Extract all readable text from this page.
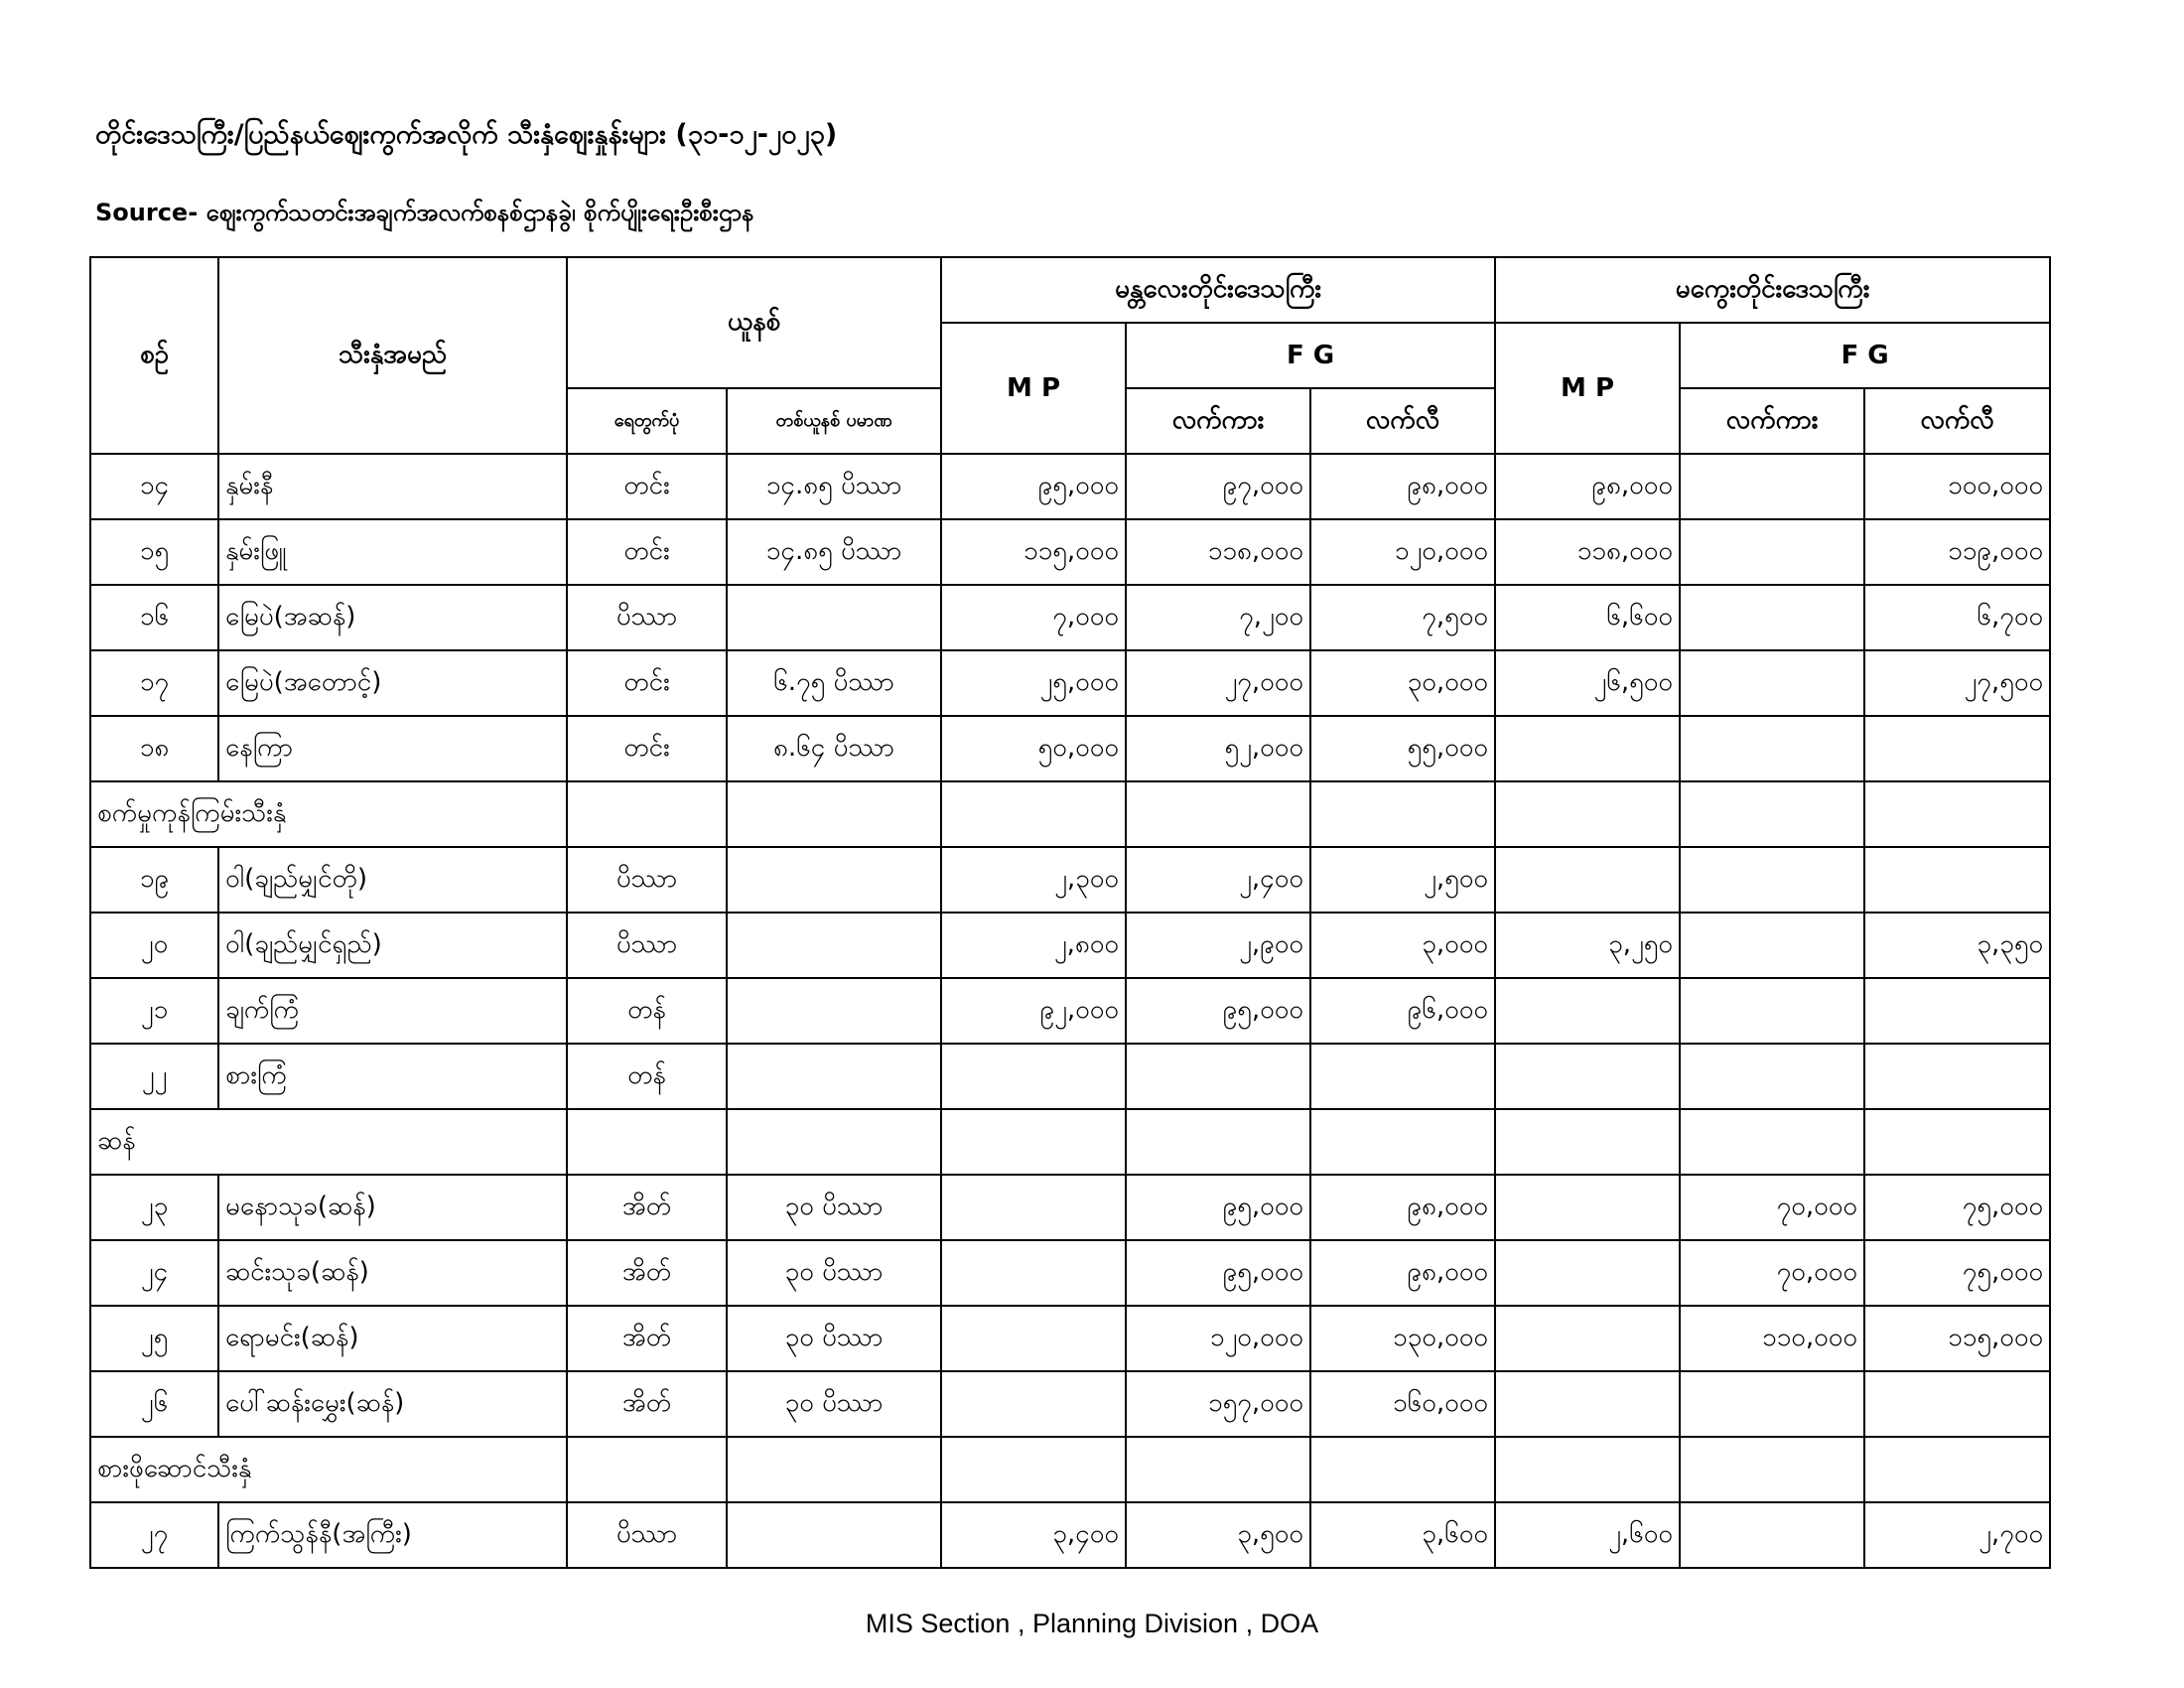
တိုင်းဒေသကြီး/ပြည်နယ်ဈေးကွက်အလိုက် သီးနှံဈေးနှုန်းများ (၃၁-၁၂-၂၀၂၃)
Source- ဈေးကွက်သတင်းအချက်အလက်စနစ်ဌာနခွဲ၊ စိုက်ပျိုးရေးဦးစီးဌာန
စဉ်	သီးနှံအမည်	ယူနစ်		မန္တလေးတိုင်းဒေသကြီး			မကွေးတိုင်းဒေသကြီး		
				M P	F G		M P	F G	
		ရေတွက်ပုံ	တစ်ယူနစ် ပမာဏ		လက်ကား	လက်လီ		လက်ကား	လက်လီ
၁၄	နှမ်းနီ	တင်း	၁၄.၈၅ ပိဿာ	၉၅,၀၀၀	၉၇,၀၀၀	၉၈,၀၀၀	၉၈,၀၀၀		၁၀၀,၀၀၀
၁၅	နှမ်းဖြူ	တင်း	၁၄.၈၅ ပိဿာ	၁၁၅,၀၀၀	၁၁၈,၀၀၀	၁၂၀,၀၀၀	၁၁၈,၀၀၀		၁၁၉,၀၀၀
၁၆	မြေပဲ(အဆန်)	ပိဿာ		၇,၀၀၀	၇,၂၀၀	၇,၅၀၀	၆,၆၀၀		၆,၇၀၀
၁၇	မြေပဲ(အတောင့်)	တင်း	၆.၇၅ ပိဿာ	၂၅,၀၀၀	၂၇,၀၀၀	၃၀,၀၀၀	၂၆,၅၀၀		၂၇,၅၀၀
၁၈	နေကြာ	တင်း	၈.၆၄ ပိဿာ	၅၀,၀၀၀	၅၂,၀၀၀	၅၅,၀၀၀			
စက်မှုကုန်ကြမ်းသီးနှံ									
၁၉	ဝါ(ချည်မျှင်တို)	ပိဿာ		၂,၃၀၀	၂,၄၀၀	၂,၅၀၀			
၂၀	ဝါ(ချည်မျှင်ရှည်)	ပိဿာ		၂,၈၀၀	၂,၉၀၀	၃,၀၀၀	၃,၂၅၀		၃,၃၅၀
၂၁	ချက်ကြံ	တန်		၉၂,၀၀၀	၉၅,၀၀၀	၉၆,၀၀၀			
၂၂	စားကြံ	တန်							
ဆန်									
၂၃	မနောသုခ(ဆန်)	အိတ်	၃၀ ပိဿာ		၉၅,၀၀၀	၉၈,၀၀၀		၇၀,၀၀၀	၇၅,၀၀၀
၂၄	ဆင်းသုခ(ဆန်)	အိတ်	၃၀ ပိဿာ		၉၅,၀၀၀	၉၈,၀၀၀		၇၀,၀၀၀	၇၅,၀၀၀
၂၅	ရောမင်း(ဆန်)	အိတ်	၃၀ ပိဿာ		၁၂၀,၀၀၀	၁၃၀,၀၀၀		၁၁၀,၀၀၀	၁၁၅,၀၀၀
၂၆	ပေါ်ဆန်းမွှေး(ဆန်)	အိတ်	၃၀ ပိဿာ		၁၅၇,၀၀၀	၁၆၀,၀၀၀			
စားဖိုဆောင်သီးနှံ									
၂၇	ကြက်သွန်နီ(အကြီး)	ပိဿာ		၃,၄၀၀	၃,၅၀၀	၃,၆၀၀	၂,၆၀၀		၂,၇၀၀
MIS Section , Planning Division , DOA
